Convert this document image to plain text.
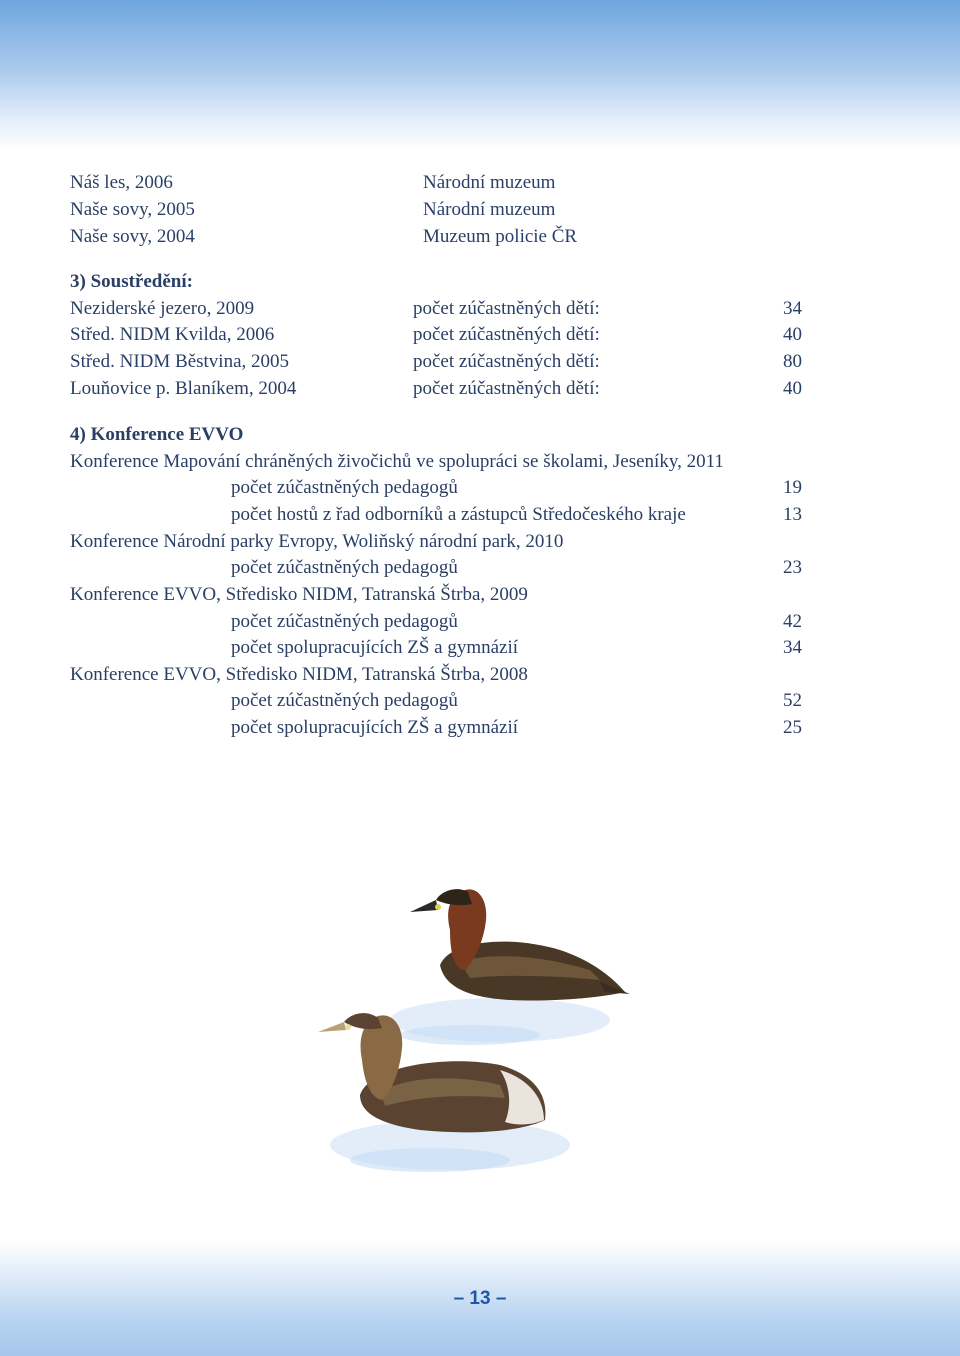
Náš les, 2006	Národní muzeum
Naše sovy, 2005	Národní muzeum
Naše sovy, 2004	Muzeum policie ČR
3) Soustředění:
Neziderské jezero, 2009	počet zúčastněných dětí:	34
Střed. NIDM Kvilda, 2006	počet zúčastněných dětí:	40
Střed. NIDM Běstvina, 2005	počet zúčastněných dětí:	80
Louňovice p. Blaníkem, 2004	počet zúčastněných dětí:	40
4) Konference EVVO
Konference Mapování chráněných živočichů ve spolupráci se školami, Jeseníky, 2011
počet zúčastněných pedagogů	19
počet hostů z řad odborníků a zástupců Středočeského kraje	13
Konference Národní parky Evropy, Woliňský národní park, 2010
počet zúčastněných pedagogů	23
Konference EVVO, Středisko NIDM, Tatranská Štrba, 2009
počet zúčastněných pedagogů	42
počet spolupracujících ZŠ a gymnázií	34
Konference EVVO, Středisko NIDM, Tatranská Štrba, 2008
počet zúčastněných pedagogů	52
počet spolupracujících ZŠ a gymnázií	25
– 13 –
